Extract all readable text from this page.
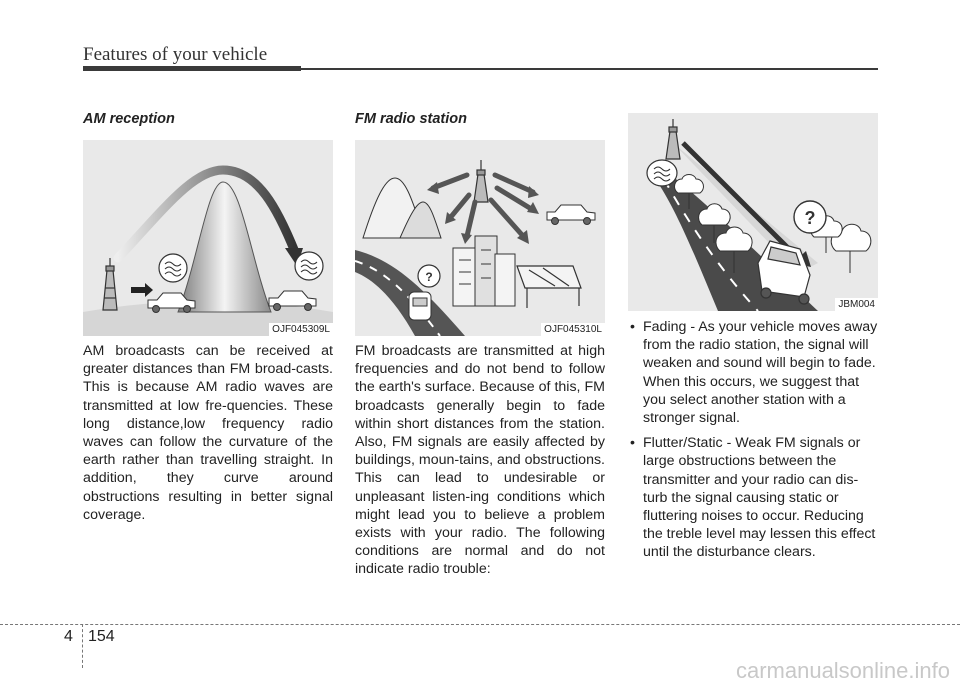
Features of your vehicle
AM reception
OJF045309L

AM broadcasts can be received at greater distances than FM broad-casts. This is because AM radio waves are transmitted at low fre-quencies. These long distance,low frequency radio waves can follow the curvature of the earth rather than travelling straight. In addition, they curve around obstructions resulting in better signal coverage.

FM radio station
?
OJF045310L

FM broadcasts are transmitted at high frequencies and do not bend to follow the earth's surface. Because of this, FM broadcasts generally begin to fade within short distances from the station. Also, FM signals are easily affected by buildings, moun-tains, and obstructions. This can lead to undesirable or unpleasant listen-ing conditions which might lead you to believe a problem exists with your radio. The following conditions are normal and do not indicate radio trouble:

?
JBM004
• Fading - As your vehicle moves away from the radio station, the signal will weaken and sound will begin to fade. When this occurs, we suggest that you select another station with a stronger signal.
• Flutter/Static - Weak FM signals or large obstructions between the transmitter and your radio can dis-turb the signal causing static or fluttering noises to occur. Reducing the treble level may lessen this effect until the disturbance clears.
4 154
carmanualsonline.info
